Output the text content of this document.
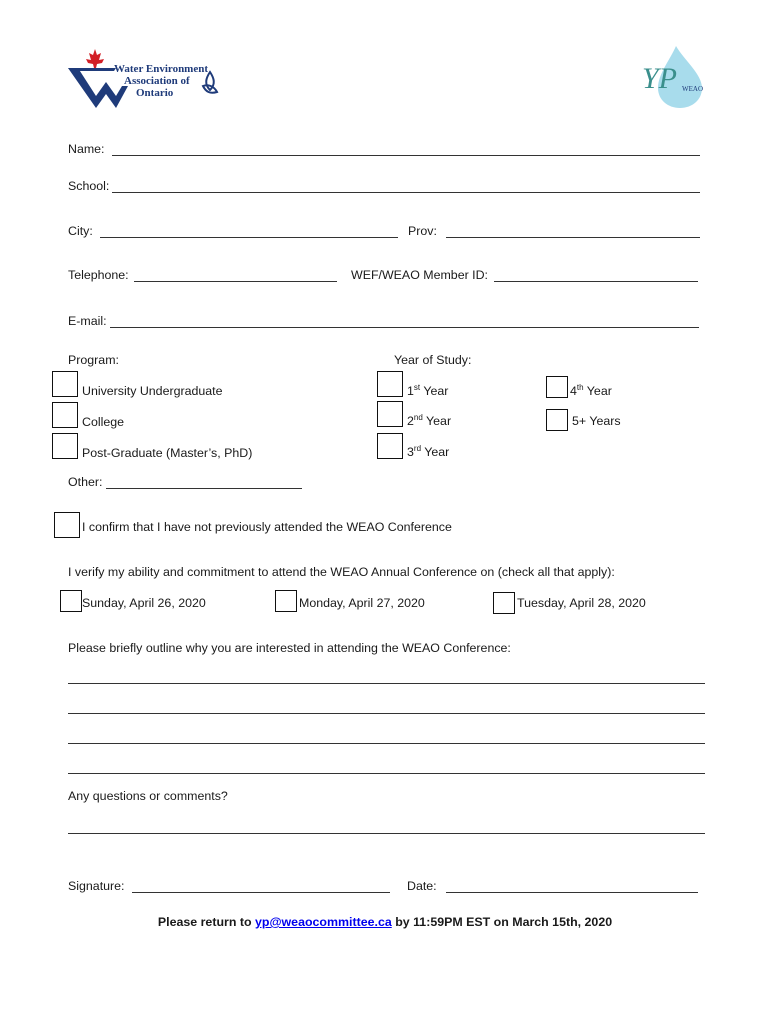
Water Environment
Association of
Ontario	YP WEAO
Name:
School:
City:	Prov:
Telephone:	WEF/WEAO Member ID:
E-mail:
Program:
University Undergraduate
College
Post-Graduate (Master’s, PhD)
Other:
Year of Study:
1st Year
2nd Year
3rd Year
4th Year
5+ Years
I confirm that I have not previously attended the WEAO Conference
I verify my ability and commitment to attend the WEAO Annual Conference on (check all that apply):
Sunday, April 26, 2020	Monday, April 27, 2020	Tuesday, April 28, 2020
Please briefly outline why you are interested in attending the WEAO Conference:
Any questions or comments?
Signature:	Date:
Please return to yp@weaocommittee.ca by 11:59PM EST on March 15th, 2020
